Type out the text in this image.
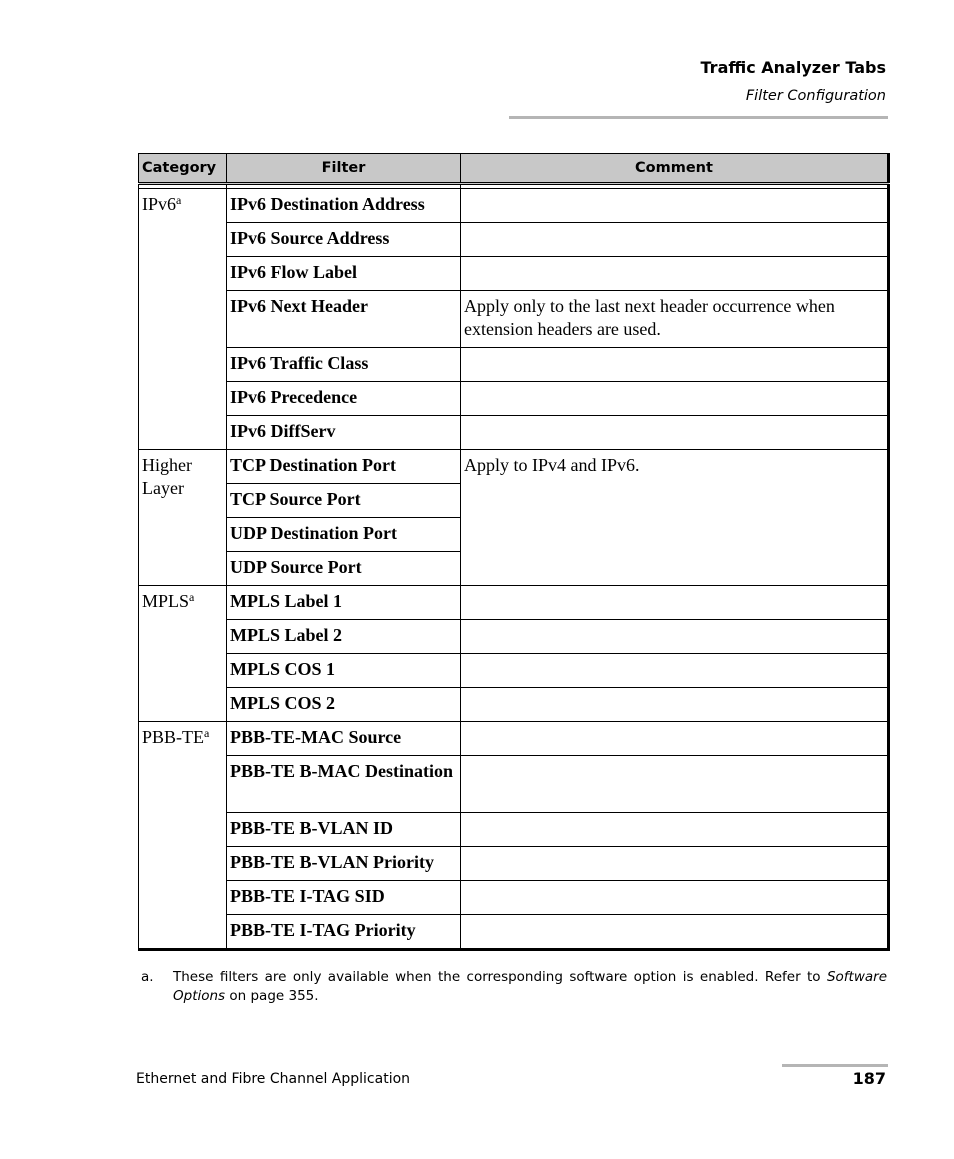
Traffic Analyzer Tabs
Filter Configuration
Category	Filter	Comment

IPv6$^a$	IPv6 Destination Address	
	IPv6 Source Address	
	IPv6 Flow Label	
	IPv6 Next Header	Apply only to the last next header occurrence when extension headers are used.
	IPv6 Traffic Class	
	IPv6 Precedence	
	IPv6 DiffServ	
Higher Layer	TCP Destination Port	Apply to IPv4 and IPv6.
	TCP Source Port	
	UDP Destination Port	
	UDP Source Port	
MPLS$^a$	MPLS Label 1	
	MPLS Label 2	
	MPLS COS 1	
	MPLS COS 2	
PBB-$TE^a$	PBB-TE-MAC Source	
	PBB-TE B-MAC Destination	
	PBB-TE B-VLAN ID	
	PBB-TE B-VLAN Priority	
	PBB-TE I-TAG SID	
	PBB-TE I-TAG Priority	
a. These filters are only available when the corresponding software option is enabled. Refer to Software Options on page 355.
Ethernet and Fibre Channel Application	187
